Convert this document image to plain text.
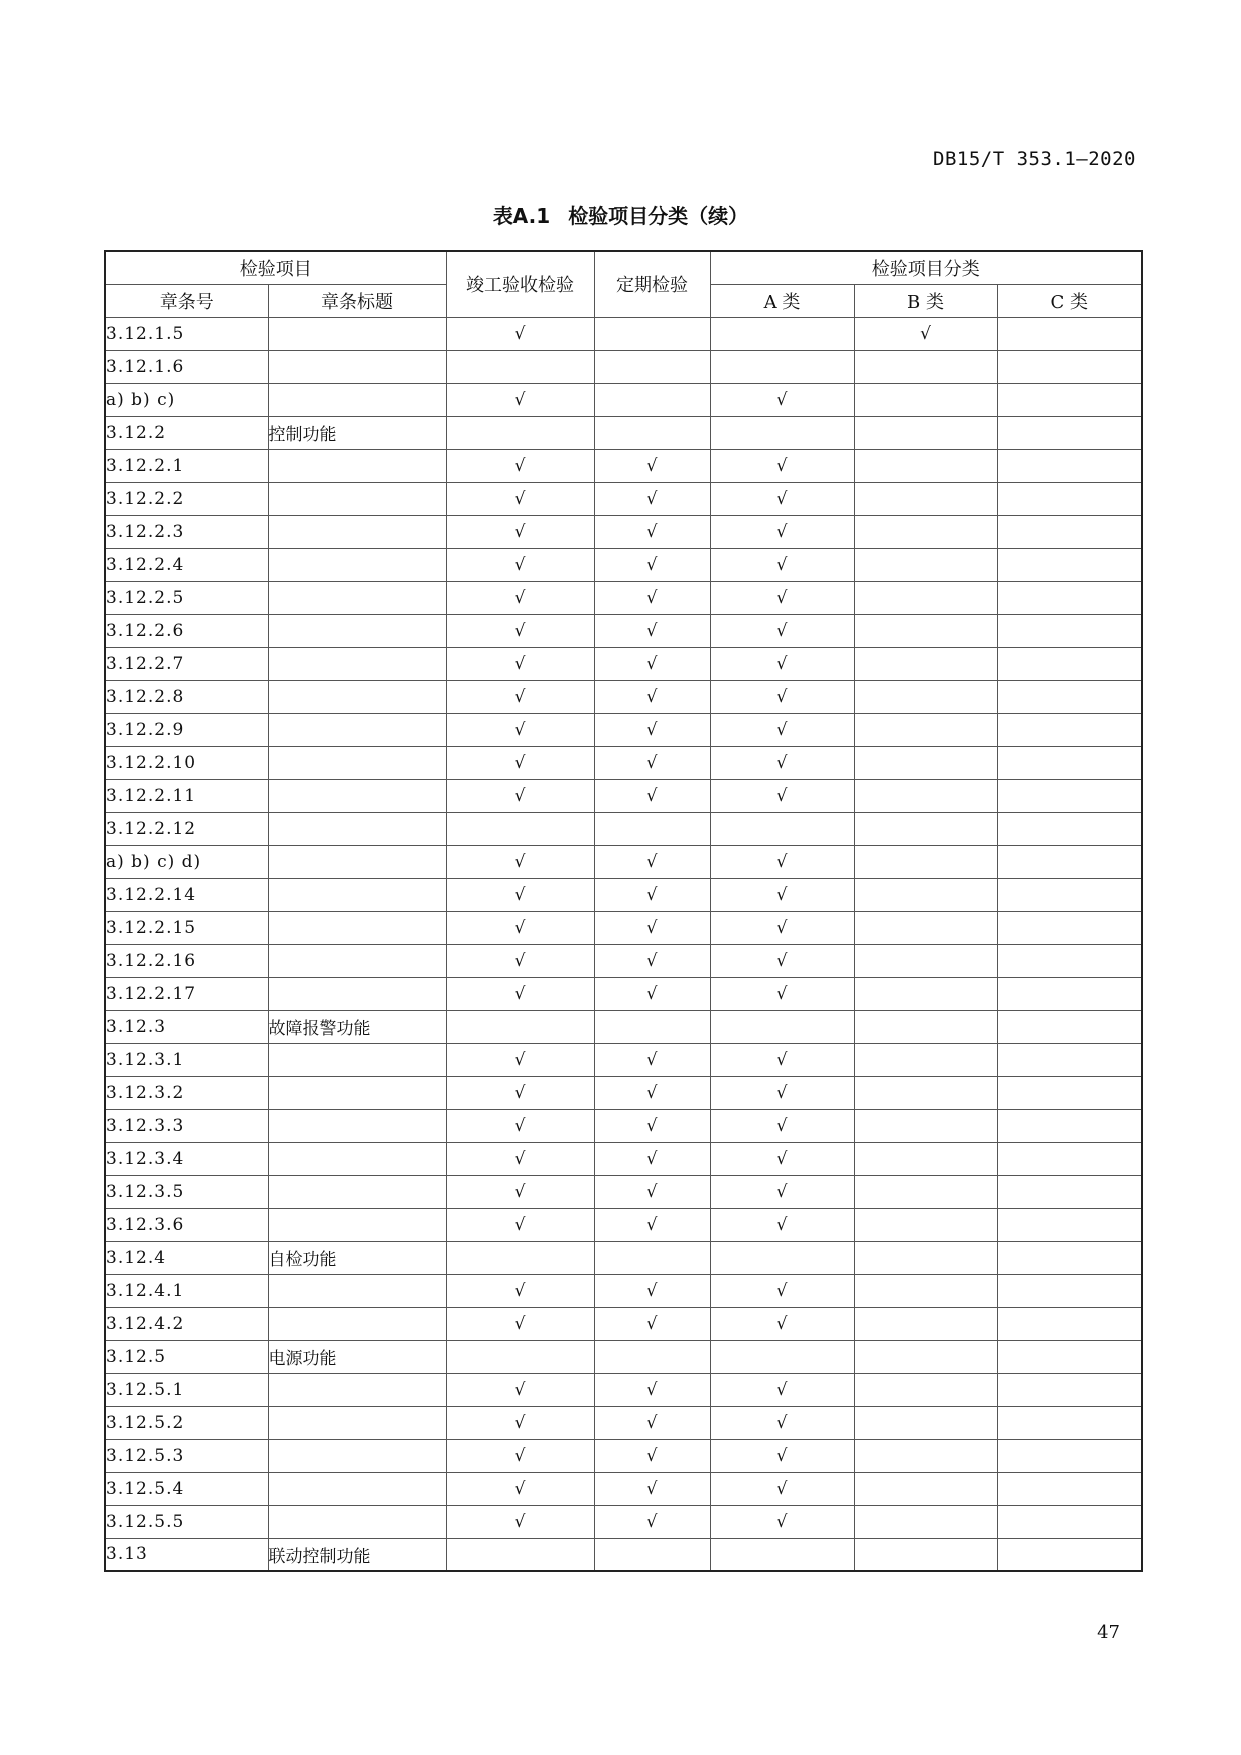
DB15/T 353.1—2020
表A.1 检验项目分类（续）
检验项目		竣工验收检验	定期检验	检验项目分类		
章条号	章条标题			A 类	B 类	C 类
3.12.1.5		√			√	
3.12.1.6						
a) b) c)		√		√		
3.12.2	控制功能					
3.12.2.1		√	√	√		
3.12.2.2		√	√	√		
3.12.2.3		√	√	√		
3.12.2.4		√	√	√		
3.12.2.5		√	√	√		
3.12.2.6		√	√	√		
3.12.2.7		√	√	√		
3.12.2.8		√	√	√		
3.12.2.9		√	√	√		
3.12.2.10		√	√	√		
3.12.2.11		√	√	√		
3.12.2.12						
a) b) c) d)		√	√	√		
3.12.2.14		√	√	√		
3.12.2.15		√	√	√		
3.12.2.16		√	√	√		
3.12.2.17		√	√	√		
3.12.3	故障报警功能					
3.12.3.1		√	√	√		
3.12.3.2		√	√	√		
3.12.3.3		√	√	√		
3.12.3.4		√	√	√		
3.12.3.5		√	√	√		
3.12.3.6		√	√	√		
3.12.4	自检功能					
3.12.4.1		√	√	√		
3.12.4.2		√	√	√		
3.12.5	电源功能					
3.12.5.1		√	√	√		
3.12.5.2		√	√	√		
3.12.5.3		√	√	√		
3.12.5.4		√	√	√		
3.12.5.5		√	√	√		
3.13	联动控制功能					
47
